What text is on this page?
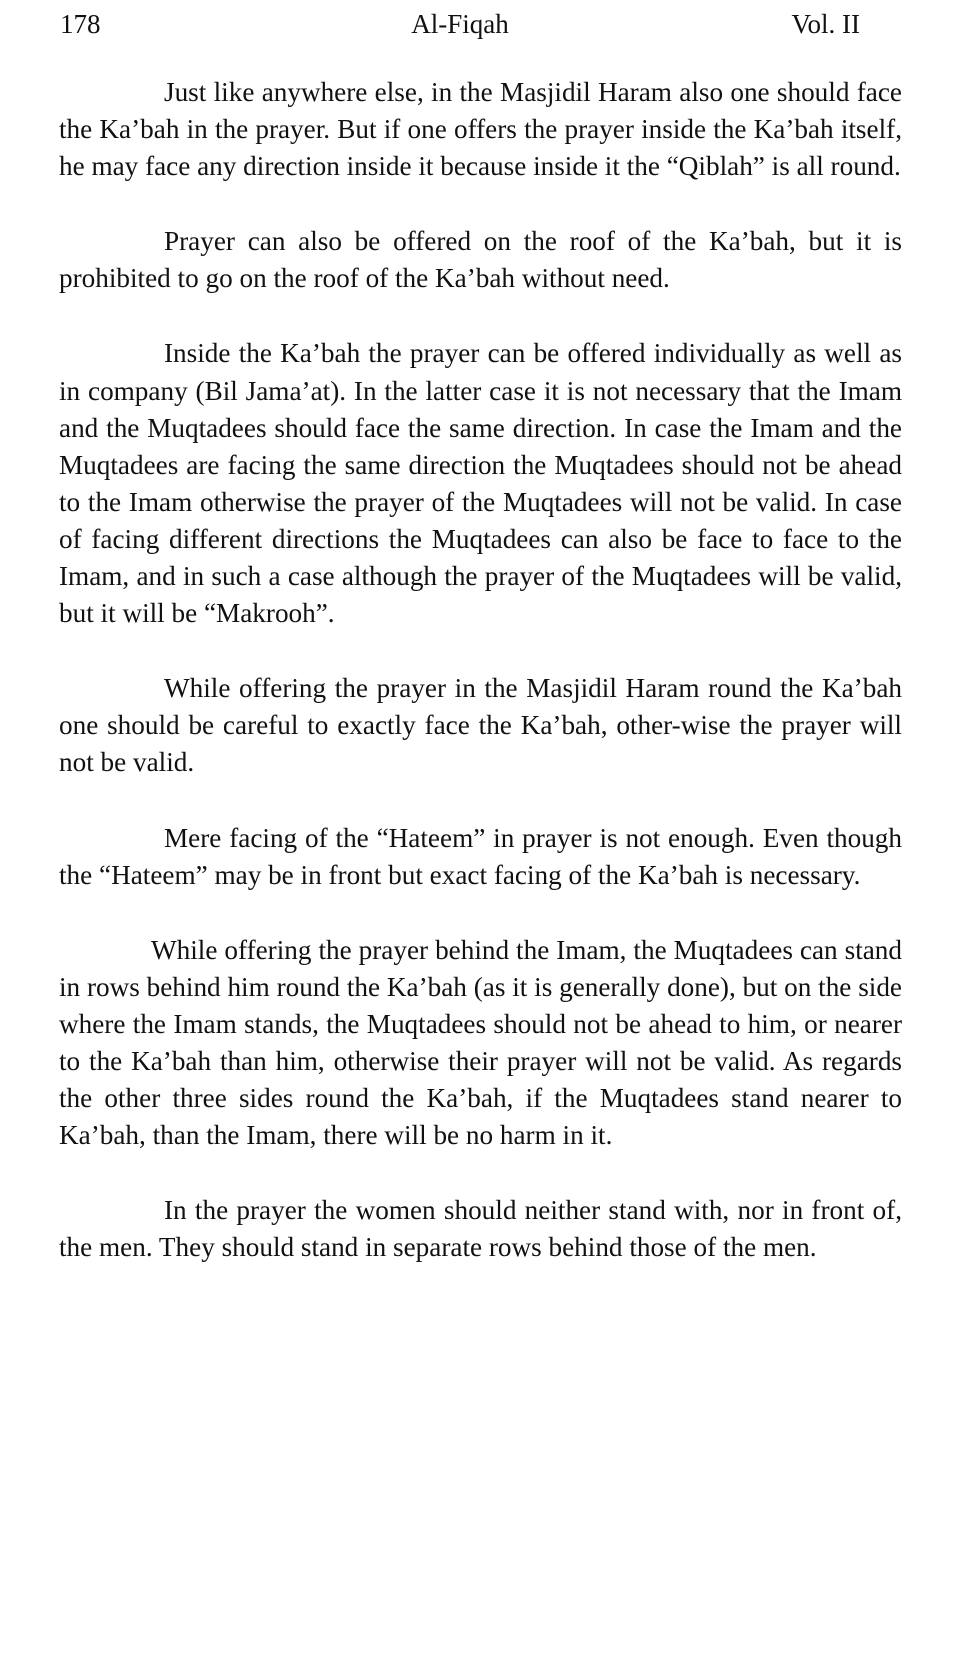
178	Al-Fiqah	Vol. II

Just like anywhere else, in the Masjidil Haram also one should face the Ka’bah in the prayer. But if one offers the prayer inside the Ka’bah itself, he may face any direction inside it because inside it the “Qiblah” is all round.

Prayer can also be offered on the roof of the Ka’bah, but it is prohibited to go on the roof of the Ka’bah without need.

Inside the Ka’bah the prayer can be offered individually as well as in company (Bil Jama’at). In the latter case it is not necessary that the Imam and the Muqtadees should face the same direction. In case the Imam and the Muqtadees are facing the same direction the Muqtadees should not be ahead to the Imam otherwise the prayer of the Muqtadees will not be valid. In case of facing different directions the Muqtadees can also be face to face to the Imam, and in such a case although the prayer of the Muqtadees will be valid, but it will be “Makrooh”.

While offering the prayer in the Masjidil Haram round the Ka’bah one should be careful to exactly face the Ka’bah, other-wise the prayer will not be valid.

Mere facing of the “Hateem” in prayer is not enough. Even though the “Hateem” may be in front but exact facing of the Ka’bah is necessary.

While offering the prayer behind the Imam, the Muqtadees can stand in rows behind him round the Ka’bah (as it is generally done), but on the side where the Imam stands, the Muqtadees should not be ahead to him, or nearer to the Ka’bah than him, otherwise their prayer will not be valid. As regards the other three sides round the Ka’bah, if the Muqtadees stand nearer to Ka’bah, than the Imam, there will be no harm in it.

In the prayer the women should neither stand with, nor in front of, the men. They should stand in separate rows behind those of the men.
